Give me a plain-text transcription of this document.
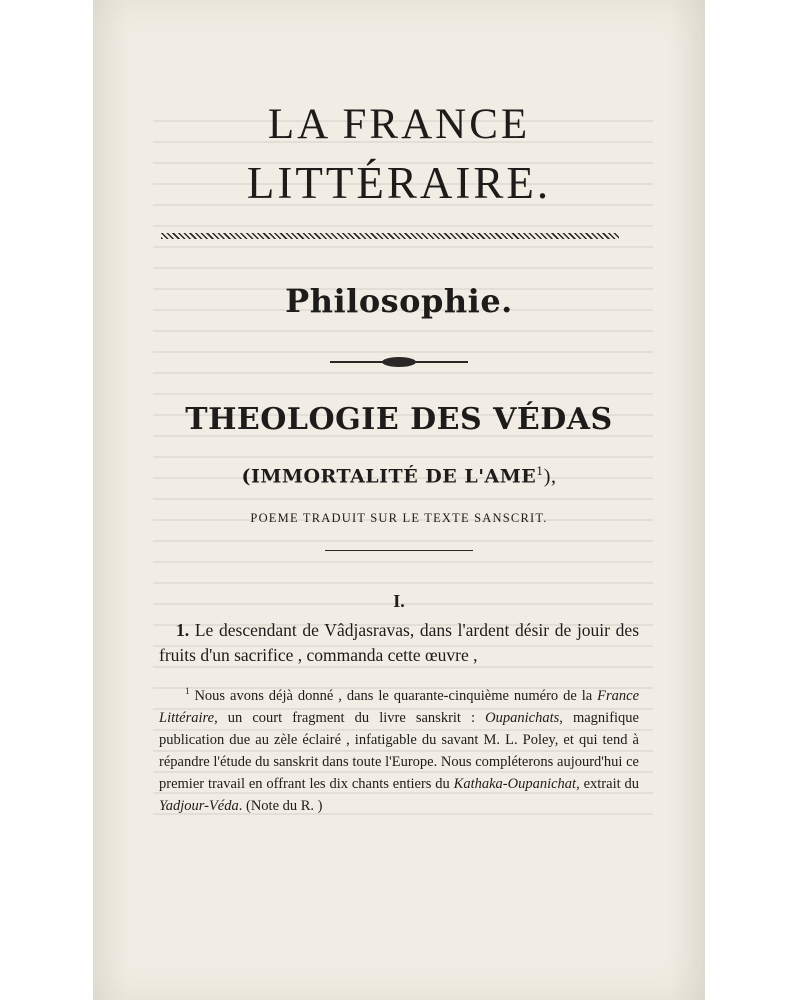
LA FRANCE
LITTÉRAIRE.
Philosophie.
THEOLOGIE DES VÉDAS
(IMMORTALITÉ DE L'AME$^1$),
POEME TRADUIT SUR LE TEXTE SANSCRIT.
I.
1. Le descendant de Vâdjasravas, dans l'ardent désir de jouir des fruits d'un sacrifice , commanda cette œuvre ,

$^1$ Nous avons déjà donné , dans le quarante-cinquième numéro de la France Littéraire, un court fragment du livre sanskrit : Oupanichats, magnifique publication due au zèle éclairé , infatigable du savant M. L. Poley, et qui tend à répandre l'étude du sanskrit dans toute l'Europe. Nous compléterons aujourd'hui ce premier travail en offrant les dix chants entiers du Kathaka-Oupanichat, extrait du Yadjour-Véda. (Note du R. )
